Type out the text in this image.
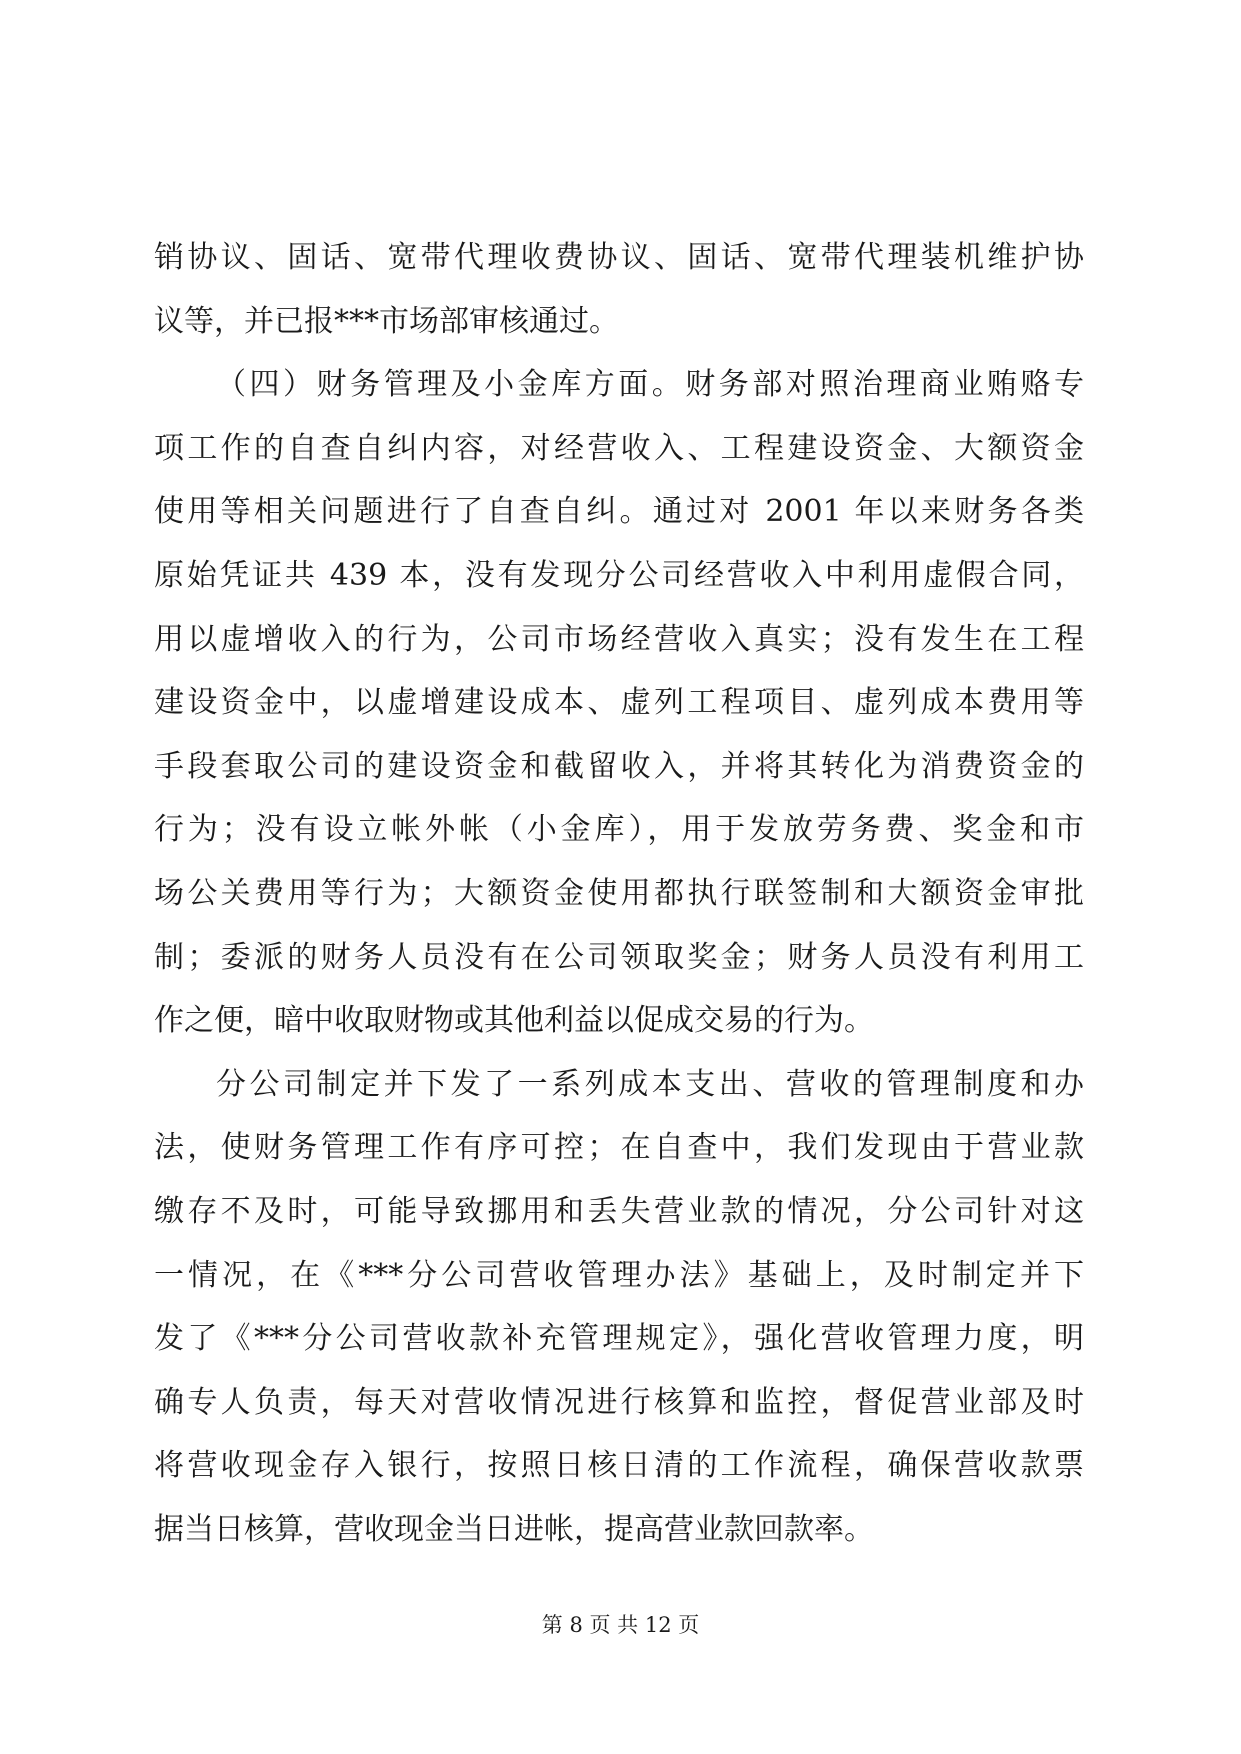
销协议、固话、宽带代理收费协议、固话、宽带代理装机维护协
议等，并已报***市场部审核通过。
（四）财务管理及小金库方面。财务部对照治理商业贿赂专
项工作的自查自纠内容，对经营收入、工程建设资金、大额资金
使用等相关问题进行了自查自纠。通过对 2001 年以来财务各类
原始凭证共 439 本，没有发现分公司经营收入中利用虚假合同，
用以虚增收入的行为，公司市场经营收入真实；没有发生在工程
建设资金中，以虚增建设成本、虚列工程项目、虚列成本费用等
手段套取公司的建设资金和截留收入，并将其转化为消费资金的
行为；没有设立帐外帐（小金库），用于发放劳务费、奖金和市
场公关费用等行为；大额资金使用都执行联签制和大额资金审批
制；委派的财务人员没有在公司领取奖金；财务人员没有利用工
作之便，暗中收取财物或其他利益以促成交易的行为。
分公司制定并下发了一系列成本支出、营收的管理制度和办
法，使财务管理工作有序可控；在自查中，我们发现由于营业款
缴存不及时，可能导致挪用和丢失营业款的情况，分公司针对这
一情况，在《***分公司营收管理办法》基础上，及时制定并下
发了《***分公司营收款补充管理规定》，强化营收管理力度，明
确专人负责，每天对营收情况进行核算和监控，督促营业部及时
将营收现金存入银行，按照日核日清的工作流程，确保营收款票
据当日核算，营收现金当日进帐，提高营业款回款率。
第 8 页 共 12 页
